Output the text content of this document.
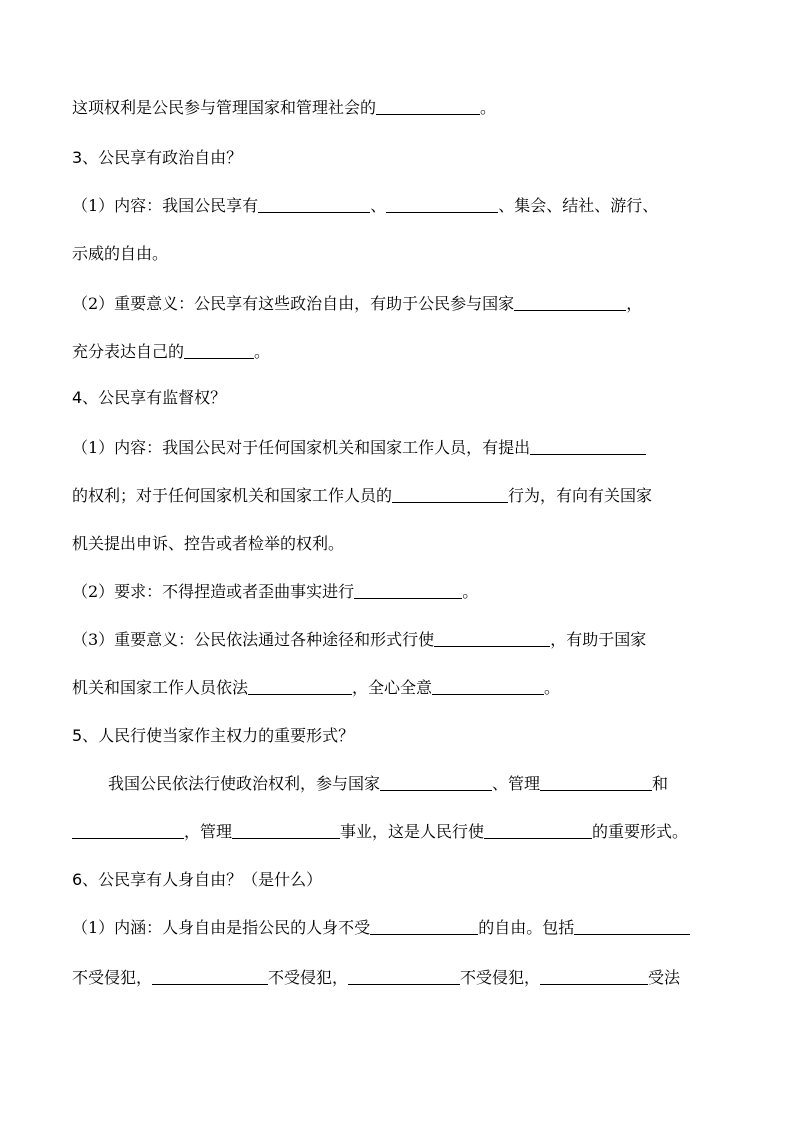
这项权利是公民参与管理国家和管理社会的	。
3、公民享有政治自由？
（1）内容：我国公民享有	、	、集会、结社、游行、
示威的自由。
（2）重要意义：公民享有这些政治自由，有助于公民参与国家	，
充分表达自己的	。
4、公民享有监督权？
（1）内容：我国公民对于任何国家机关和国家工作人员，有提出
的权利；对于任何国家机关和国家工作人员的	行为，有向有关国家
机关提出申诉、控告或者检举的权利。
（2）要求：不得捏造或者歪曲事实进行	。
（3）重要意义：公民依法通过各种途径和形式行使	，有助于国家
机关和国家工作人员依法	，全心全意	。
5、人民行使当家作主权力的重要形式？
我国公民依法行使政治权利，参与国家	、管理	和
，管理	事业，这是人民行使	的重要形式。
6、公民享有人身自由？（是什么）
（1）内涵：人身自由是指公民的人身不受	的自由。包括
不受侵犯，	不受侵犯，	不受侵犯，	受法
